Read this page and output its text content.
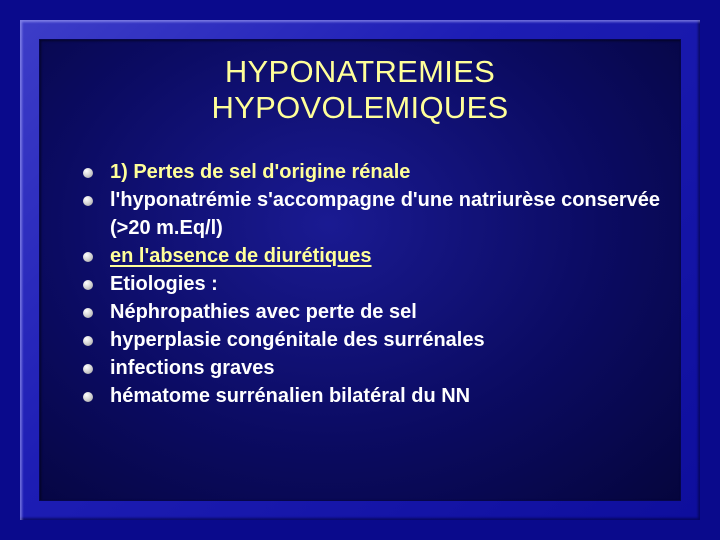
HYPONATREMIES
HYPOVOLEMIQUES
1) Pertes de sel d'origine rénale
l'hyponatrémie s'accompagne d'une natriurèse conservée (>20 m.Eq/l)
en l'absence de diurétiques
Etiologies :
Néphropathies avec perte de sel
hyperplasie congénitale des surrénales
infections graves
hématome surrénalien bilatéral du NN
